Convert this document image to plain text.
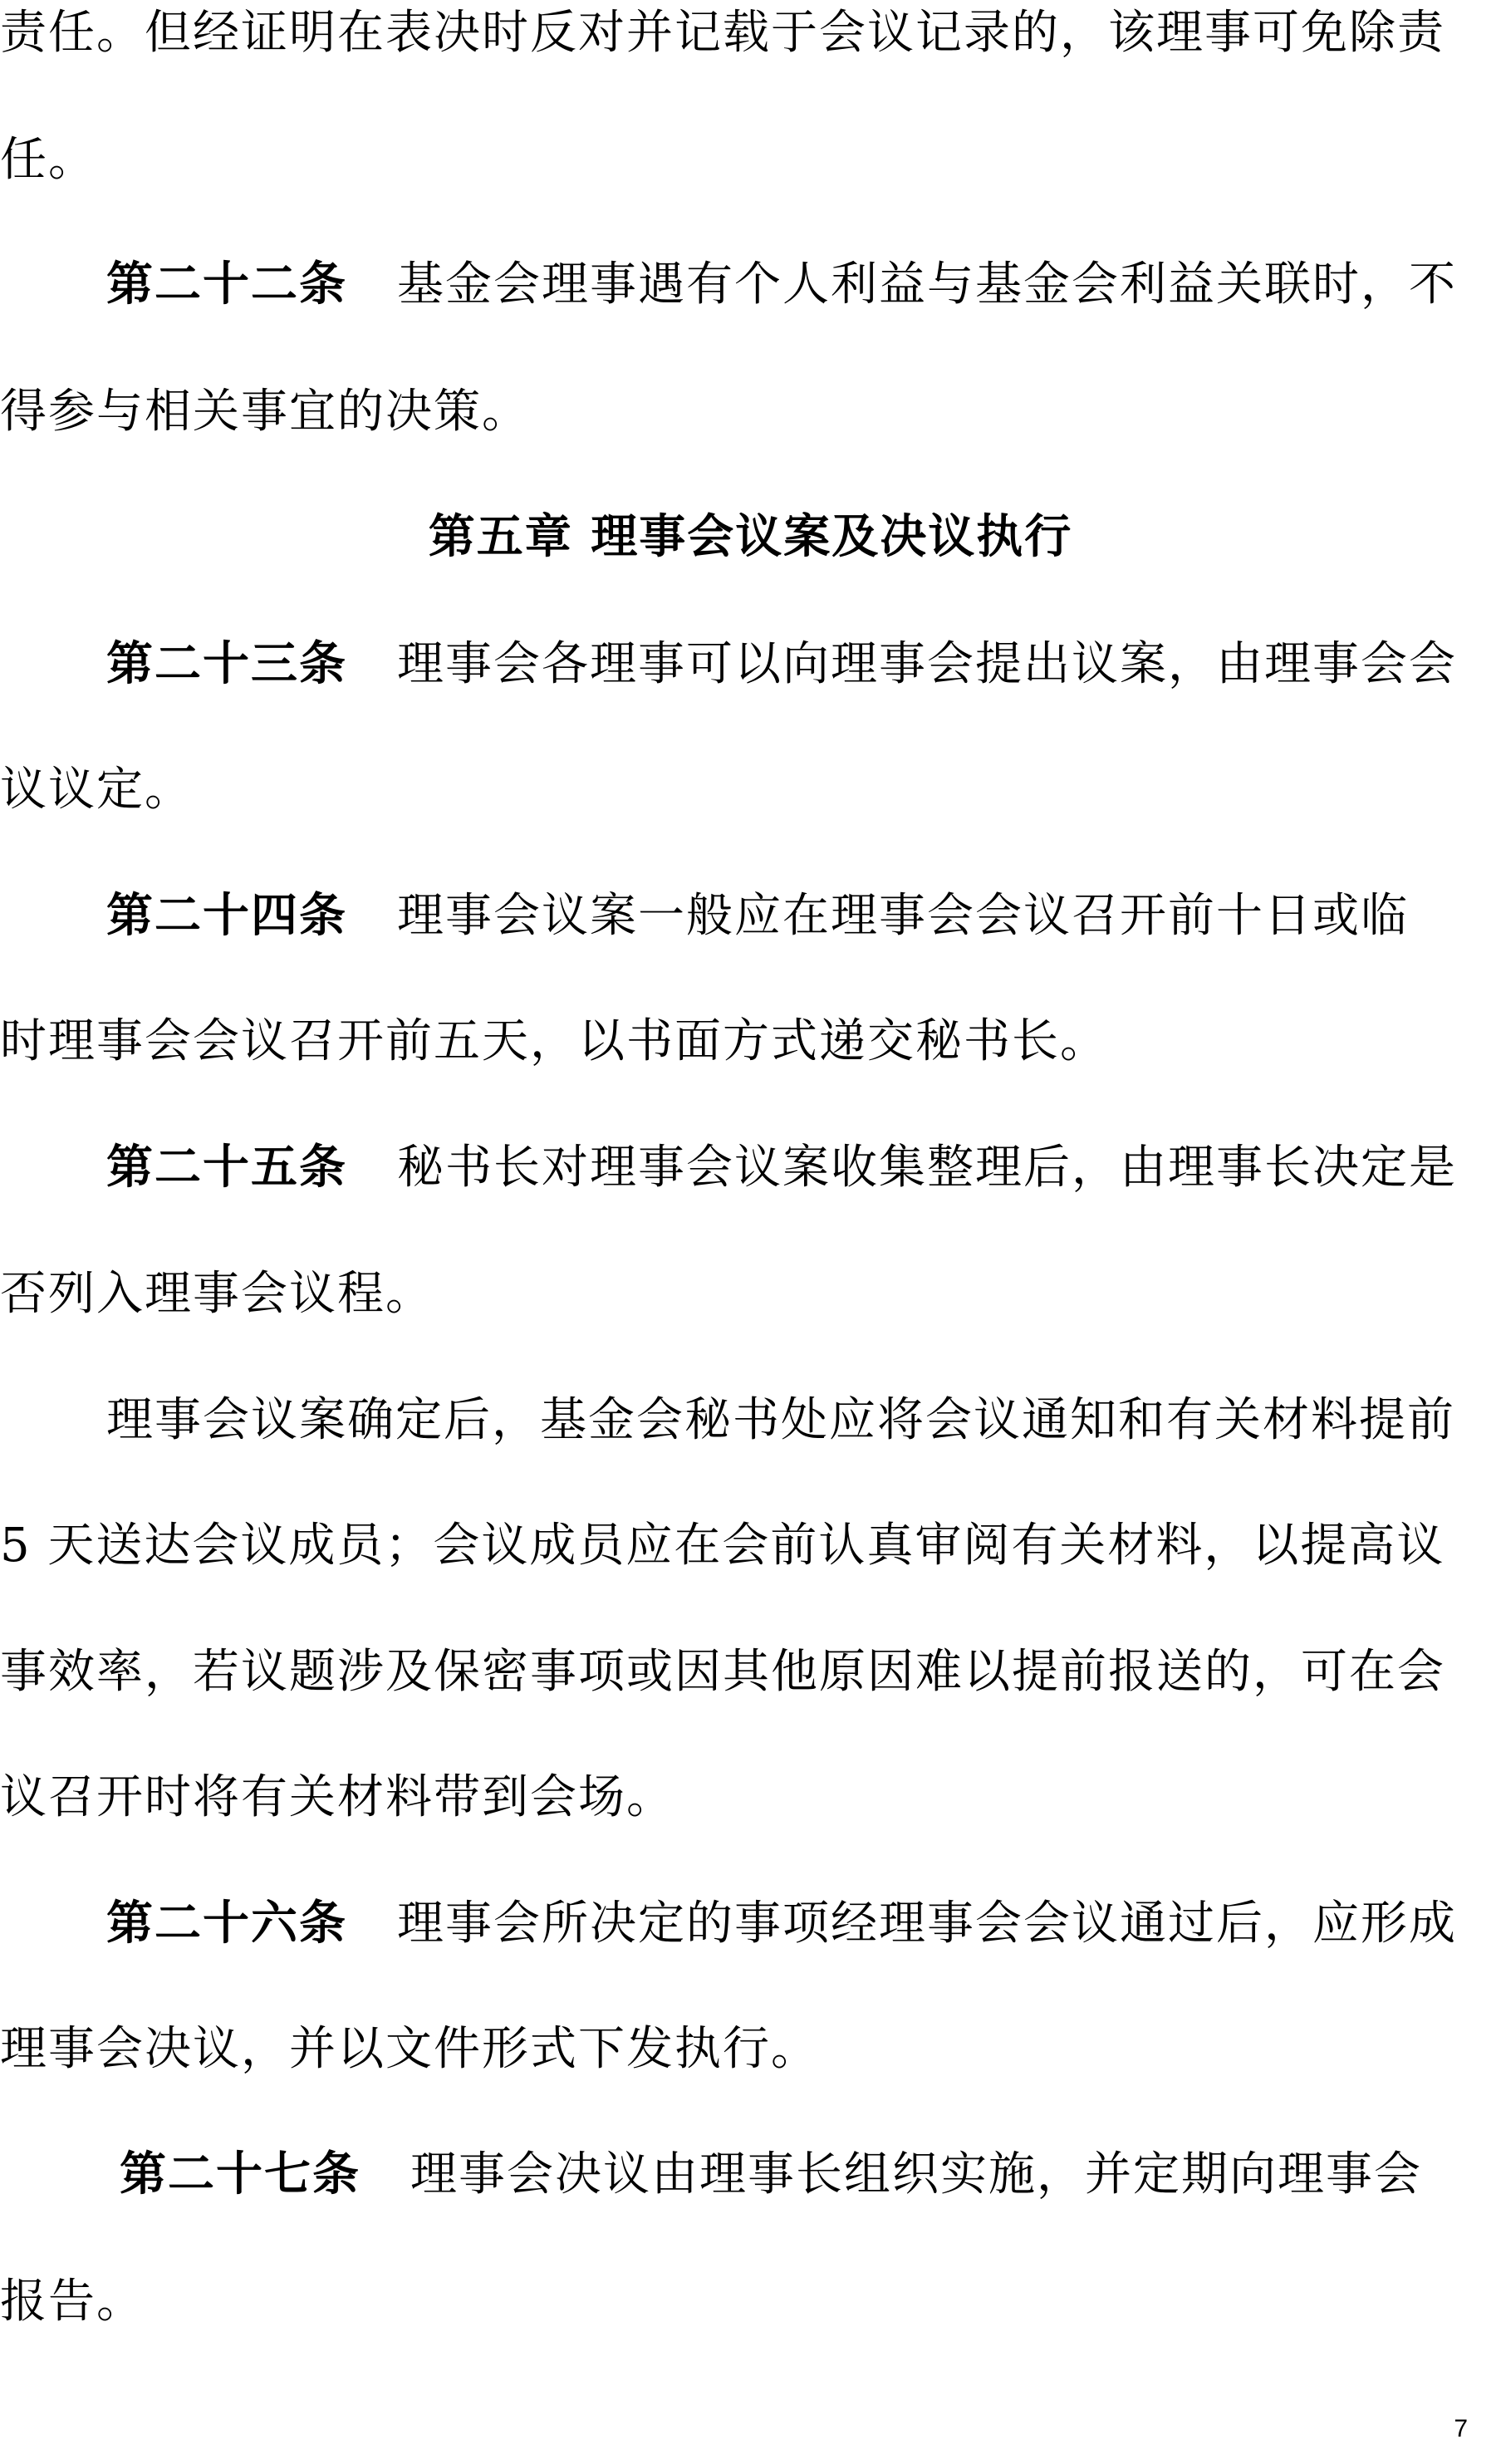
责任。但经证明在表决时反对并记载于会议记录的，该理事可免除责
任。
第二十二条 基金会理事遇有个人利益与基金会利益关联时，不
得参与相关事宜的决策。
第五章 理事会议案及决议执行
第二十三条 理事会各理事可以向理事会提出议案，由理事会会
议议定。
第二十四条 理事会议案一般应在理事会会议召开前十日或临
时理事会会议召开前五天，以书面方式递交秘书长。
第二十五条 秘书长对理事会议案收集整理后，由理事长决定是
否列入理事会议程。
理事会议案确定后，基金会秘书处应将会议通知和有关材料提前
5 天送达会议成员；会议成员应在会前认真审阅有关材料，以提高议
事效率，若议题涉及保密事项或因其他原因难以提前报送的，可在会
议召开时将有关材料带到会场。
第二十六条 理事会所决定的事项经理事会会议通过后，应形成
理事会决议，并以文件形式下发执行。
第二十七条 理事会决议由理事长组织实施，并定期向理事会
报告。
7
